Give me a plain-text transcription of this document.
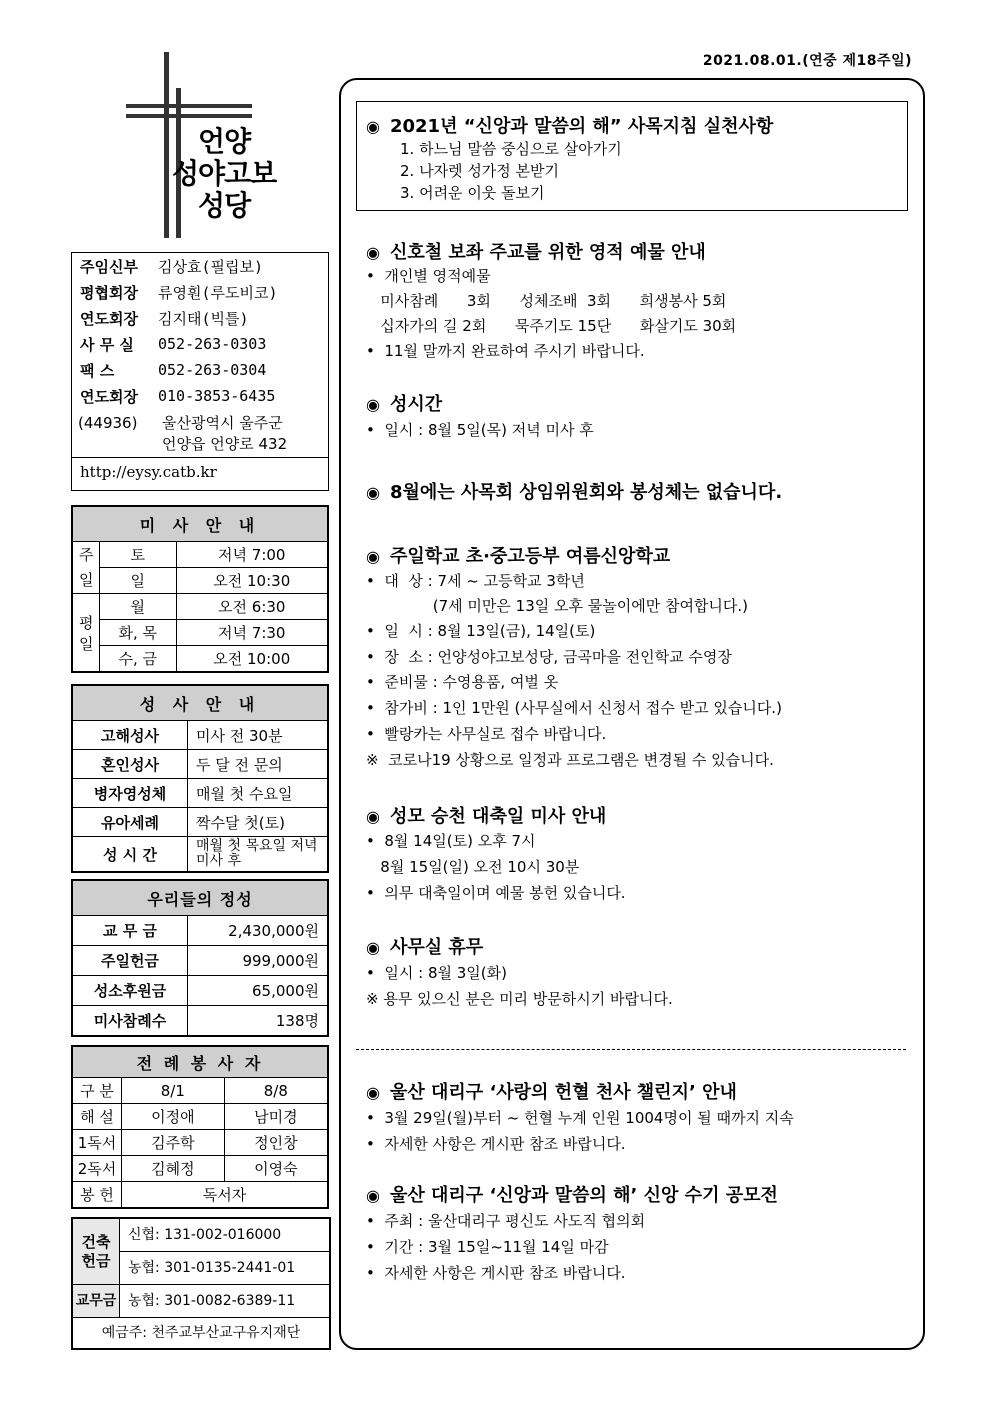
2021.08.01.(연중 제18주일)
언양
성야고보
성당
주임신부	김상효(필립보)
평협회장	류영훤(루도비코)
연도회장	김지태(빅틀)
사 무 실	052-263-0303
팩 스	052-263-0304
연도회장	010-3853-6435
(44936)	울산광역시 울주군
언양읍 언양로 432
http://eysy.catb.kr
미 사 안 내		
주일	토	저녁 7:00
	일	오전 10:30
평일	월	오전 6:30
	화, 목	저녁 7:30
	수, 금	오전 10:00
성 사 안 내	
고해성사	미사 전 30분
혼인성사	두 달 전 문의
병자영성체	매월 첫 수요일
유아세례	짝수달 첫(토)
성 시 간	매월 첫 목요일 저녁미사 후
우리들의 정성	
교 무 금	2,430,000원
주일헌금	999,000원
성소후원금	65,000원
미사참례수	138명
전 례 봉 사 자		
구 분	8/1	8/8
해 설	이정애	남미경
1독서	김주학	정인창
2독서	김혜정	이영숙
봉 헌	독서자	
건축헌금
신협: 131-002-016000
농협: 301-0135-2441-01
교무금 농협: 301-0082-6389-11
예금주: 천주교부산교구유지재단
◉ 2021년 “신앙과 말씀의 해” 사목지침 실천사항
1. 하느님 말씀 중심으로 살아가기
2. 나자렛 성가정 본받기
3. 어려운 이웃 돌보기
◉ 신호철 보좌 주교를 위한 영적 예물 안내
•  개인별 영적예물
미사참례      3회      성체조배  3회      희생봉사 5회
십자가의 길 2회      묵주기도 15단      화살기도 30회
•  11월 말까지 완료하여 주시기 바랍니다.
◉ 성시간
•  일시 : 8월 5일(목) 저녁 미사 후
◉ 8월에는 사목회 상임위원회와 봉성체는 없습니다.
◉ 주일학교 초·중고등부 여름신앙학교
•  대  상 : 7세 ~ 고등학교 3학년
(7세 미만은 13일 오후 물놀이에만 참여합니다.)
•  일  시 : 8월 13일(금), 14일(토)
•  장  소 : 언양성야고보성당, 금곡마을 전인학교 수영장
•  준비물 : 수영용품, 여벌 옷
•  참가비 : 1인 1만원 (사무실에서 신청서 접수 받고 있습니다.)
•  빨랑카는 사무실로 접수 바랍니다.
※  코로나19 상황으로 일정과 프로그램은 변경될 수 있습니다.
◉ 성모 승천 대축일 미사 안내
•  8월 14일(토) 오후 7시
8월 15일(일) 오전 10시 30분
•  의무 대축일이며 예물 봉헌 있습니다.
◉ 사무실 휴무
•  일시 : 8월 3일(화)
※ 용무 있으신 분은 미리 방문하시기 바랍니다.
◉ 울산 대리구 ‘사랑의 헌혈 천사 챌린지’ 안내
•  3월 29일(월)부터 ~ 헌혈 누계 인원 1004명이 될 때까지 지속
•  자세한 사항은 게시판 참조 바랍니다.
◉ 울산 대리구 ‘신앙과 말씀의 해’ 신앙 수기 공모전
•  주최 : 울산대리구 평신도 사도직 협의회
•  기간 : 3월 15일~11월 14일 마감
•  자세한 사항은 게시판 참조 바랍니다.
